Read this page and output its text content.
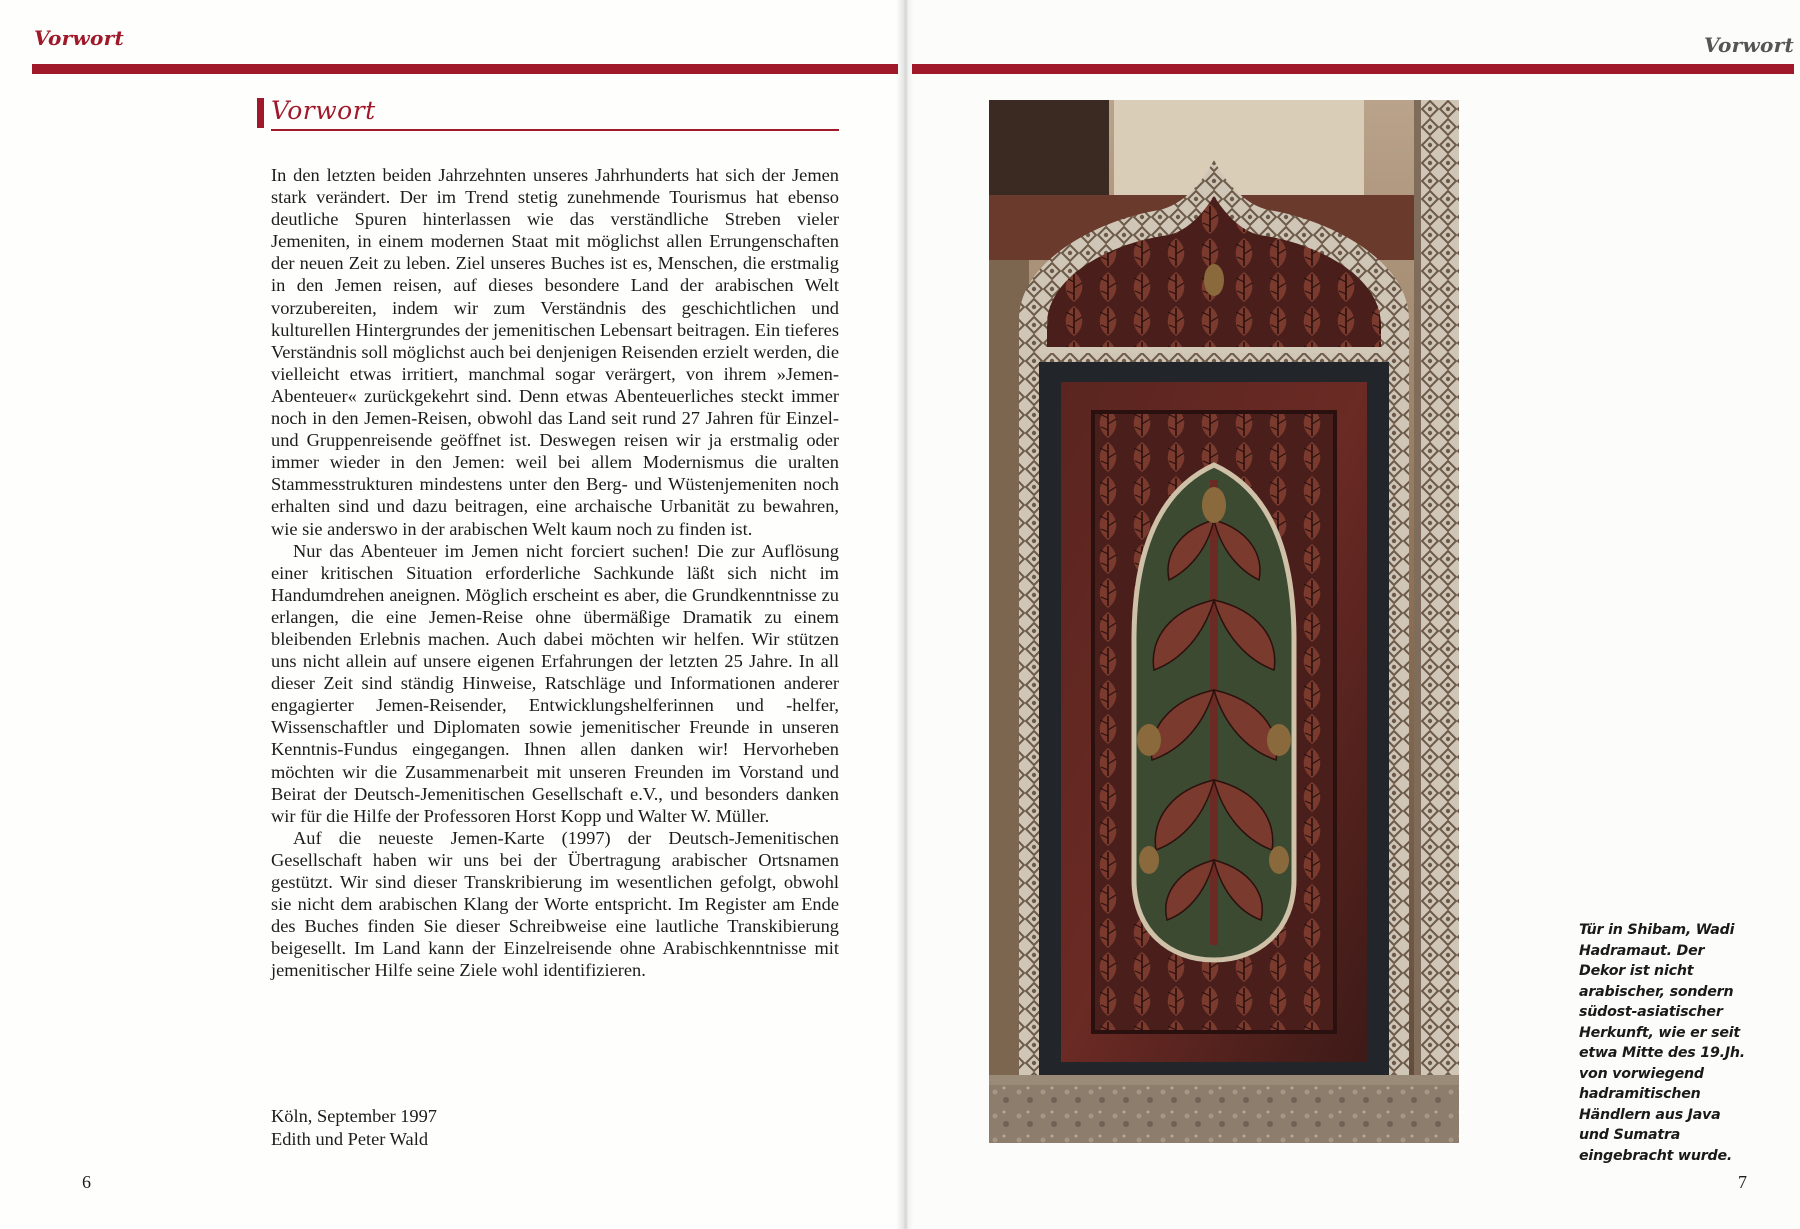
Vorwort
Vorwort

In den letzten beiden Jahrzehnten unseres Jahrhunderts hat sich der Jemen stark verändert. Der im Trend stetig zunehmende Tourismus hat ebenso deutliche Spuren hinterlassen wie das verständliche Streben vieler Jemeniten, in einem modernen Staat mit möglichst allen Errungenschaften der neuen Zeit zu leben. Ziel unseres Buches ist es, Menschen, die erstmalig in den Jemen reisen, auf dieses besondere Land der arabischen Welt vorzubereiten, indem wir zum Verständnis des geschichtlichen und kulturellen Hintergrundes der jemenitischen Lebensart beitragen. Ein tieferes Verständnis soll möglichst auch bei denjenigen Reisenden erzielt werden, die vielleicht etwas irritiert, manchmal sogar verärgert, von ihrem »Jemen-Abenteuer« zurückgekehrt sind. Denn etwas Abenteuerliches steckt immer noch in den Jemen-Reisen, obwohl das Land seit rund 27 Jahren für Einzel- und Gruppenreisende geöffnet ist. Deswegen reisen wir ja erstmalig oder immer wieder in den Jemen: weil bei allem Modernismus die uralten Stammesstrukturen mindestens unter den Berg- und Wüstenjemeniten noch erhalten sind und dazu beitragen, eine archaische Urbanität zu bewahren, wie sie anderswo in der arabischen Welt kaum noch zu finden ist.

Nur das Abenteuer im Jemen nicht forciert suchen! Die zur Auflösung einer kritischen Situation erforderliche Sachkunde läßt sich nicht im Handumdrehen aneignen. Möglich erscheint es aber, die Grundkenntnisse zu erlangen, die eine Jemen-Reise ohne übermäßige Dramatik zu einem bleibenden Erlebnis machen. Auch dabei möchten wir helfen. Wir stützen uns nicht allein auf unsere eigenen Erfahrungen der letzten 25 Jahre. In all dieser Zeit sind ständig Hinweise, Ratschläge und Informationen anderer engagierter Jemen-Reisender, Entwicklungshelferinnen und -helfer, Wissenschaftler und Diplomaten sowie jemenitischer Freunde in unseren Kenntnis-Fundus eingegangen. Ihnen allen danken wir! Hervorheben möchten wir die Zusammenarbeit mit unseren Freunden im Vorstand und Beirat der Deutsch-Jemenitischen Gesellschaft e.V., und besonders danken wir für die Hilfe der Professoren Horst Kopp und Walter W. Müller.

Auf die neueste Jemen-Karte (1997) der Deutsch-Jemenitischen Gesellschaft haben wir uns bei der Übertragung arabischer Ortsnamen gestützt. Wir sind dieser Transkribierung im wesentlichen gefolgt, obwohl sie nicht dem arabischen Klang der Worte entspricht. Im Register am Ende des Buches finden Sie dieser Schreibweise eine lautliche Transkibierung beigesellt. Im Land kann der Einzelreisende ohne Arabischkenntnisse mit jemenitischer Hilfe seine Ziele wohl identifizieren.

Köln, September 1997
Edith und Peter Wald
6
Vorwort
Tür in Shibam, Wadi Hadramaut. Der Dekor ist nicht arabischer, sondern südost-asiatischer Herkunft, wie er seit etwa Mitte des 19.Jh. von vorwiegend hadramitischen Händlern aus Java und Sumatra eingebracht wurde.
7
